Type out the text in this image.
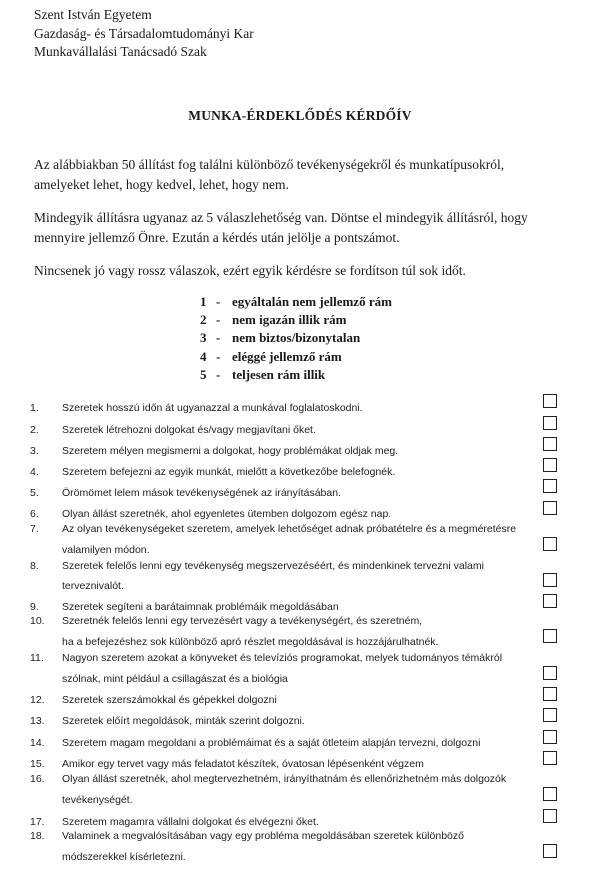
Szent István Egyetem
Gazdaság- és Társadalomtudományi Kar
Munkavállalási Tanácsadó Szak
MUNKA-ÉRDEKLŐDÉS KÉRDŐÍV
Az alábbiakban 50 állítást fog találni különböző tevékenységekről és munkatípusokról,
amelyeket lehet, hogy kedvel, lehet, hogy nem.
Mindegyik állításra ugyanaz az 5 válaszlehetőség van. Döntse el mindegyik állításról, hogy
mennyire jellemző Önre. Ezután a kérdés után jelölje a pontszámot.
Nincsenek jó vagy rossz válaszok, ezért egyik kérdésre se fordítson túl sok időt.
1 - egyáltalán nem jellemző rám
2 - nem igazán illik rám
3 - nem biztos/bizonytalan
4 - eléggé jellemző rám
5 - teljesen rám illik
1.	Szeretek hosszú időn át ugyanazzal a munkával foglalatoskodni.
2.	Szeretek létrehozni dolgokat és/vagy megjavítani őket.
3.	Szeretem mélyen megismerni a dolgokat, hogy problémákat oldjak meg.
4.	Szeretem befejezni az egyik munkát, mielőtt a következőbe belefognék.
5.	Örömömet lelem mások tevékenységének az irányításában.
6.	Olyan állást szeretnék, ahol egyenletes ütemben dolgozom egész nap.
7.	Az olyan tevékenységeket szeretem, amelyek lehetőséget adnak próbatételre és a megméretésre
valamilyen módon.
8.	Szeretek felelős lenni egy tevékenység megszervezéséért, és mindenkinek tervezni valami
terveznivalót.
9.	Szeretek segíteni a barátaimnak problémáik megoldásában
10.	Szeretnék felelős lenni egy tervezésért vagy a tevékenységért, és szeretném,
ha a befejezéshez sok különböző apró részlet megoldásával is hozzájárulhatnék.
11.	Nagyon szeretem azokat a könyveket és televíziós programokat, melyek tudományos témákról
szólnak, mint például a csillagászat és a biológia
12.	Szeretek szerszámokkal és gépekkel dolgozni
13.	Szeretek előírt megoldások, minták szerint dolgozni.
14.	Szeretem magam megoldani a problémáimat és a saját ötleteim alapján tervezni, dolgozni
15.	Amikor egy tervet vagy más feladatot készítek, óvatosan lépésenként végzem
16.	Olyan állást szeretnék, ahol megtervezhetném, irányíthatnám és ellenőrizhetném más dolgozók
tevékenységét.
17.	Szeretem magamra vállalni dolgokat és elvégezni őket.
18.	Valaminek a megvalósításában vagy egy probléma megoldásában szeretek különböző
módszerekkel kísérletezni.
